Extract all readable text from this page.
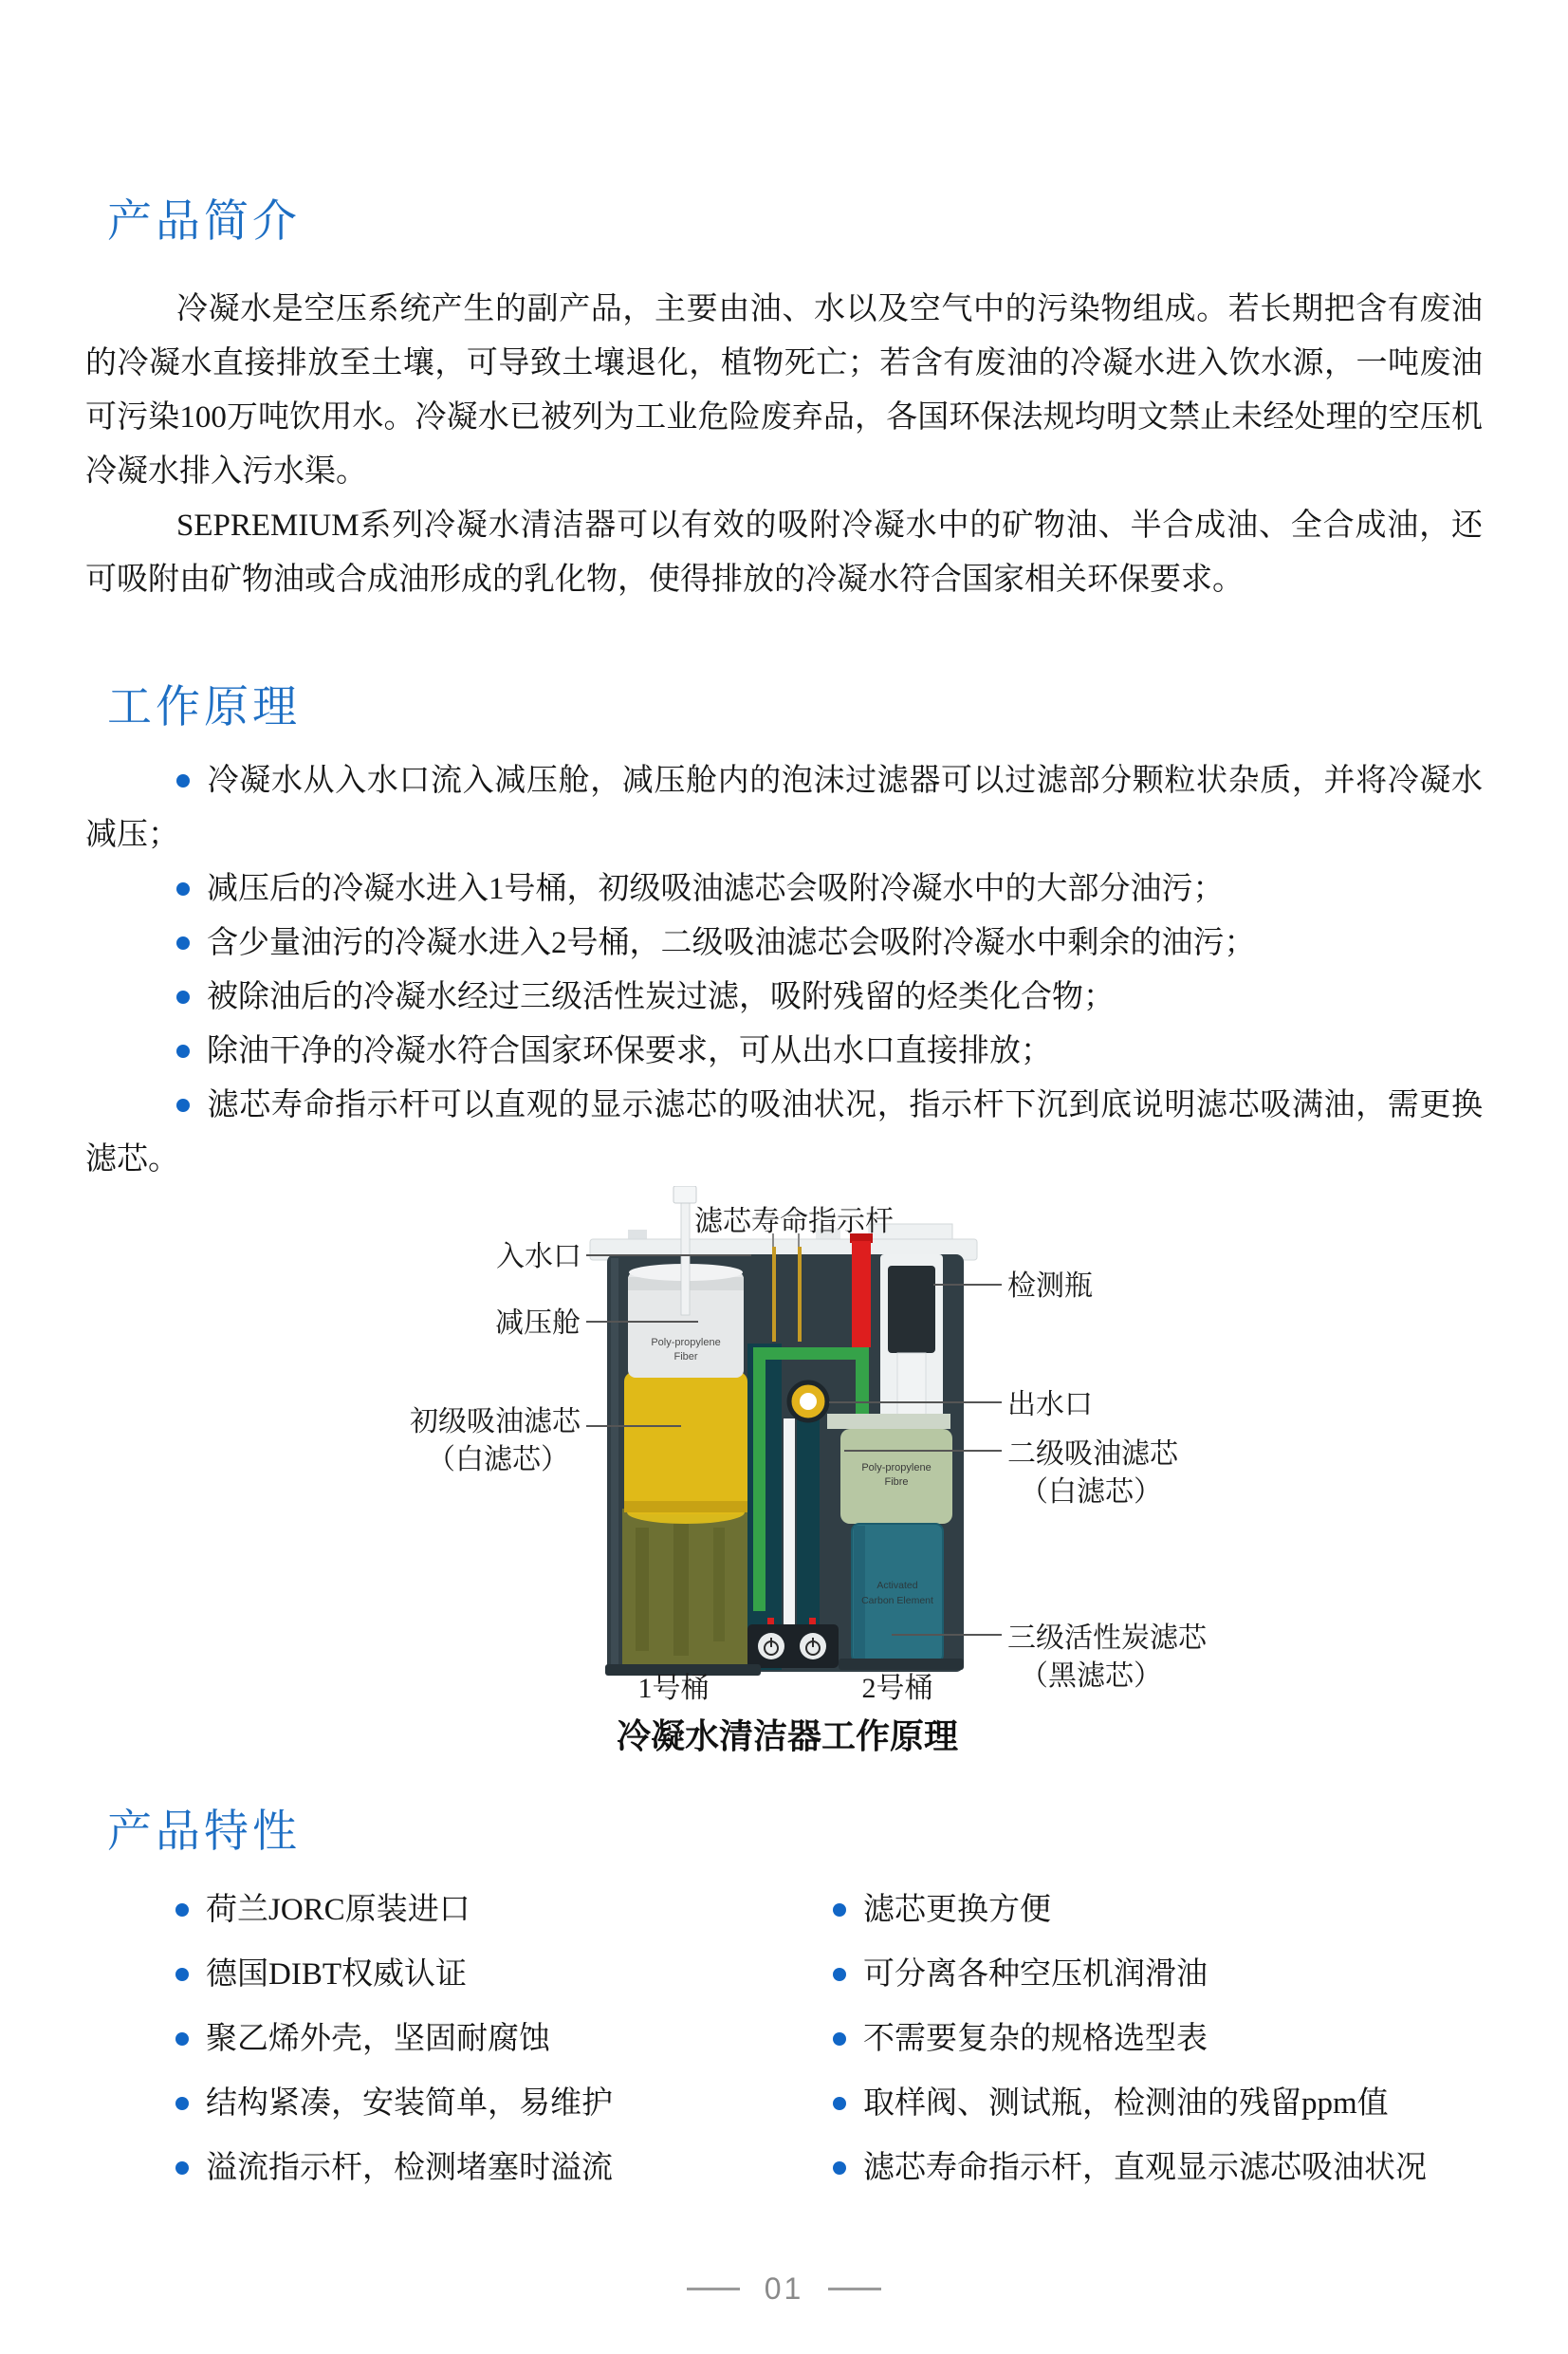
产品简介

冷凝水是空压系统产生的副产品，主要由油、水以及空气中的污染物组成。若长期把含有废油的冷凝水直接排放至土壤，可导致土壤退化，植物死亡；若含有废油的冷凝水进入饮水源，一吨废油可污染100万吨饮用水。冷凝水已被列为工业危险废弃品，各国环保法规均明文禁止未经处理的空压机冷凝水排入污水渠。

SEPREMIUM系列冷凝水清洁器可以有效的吸附冷凝水中的矿物油、半合成油、全合成油，还可吸附由矿物油或合成油形成的乳化物，使得排放的冷凝水符合国家相关环保要求。

工作原理

冷凝水从入水口流入减压舱，减压舱内的泡沫过滤器可以过滤部分颗粒状杂质，并将冷凝水减压；

减压后的冷凝水进入1号桶，初级吸油滤芯会吸附冷凝水中的大部分油污；

含少量油污的冷凝水进入2号桶，二级吸油滤芯会吸附冷凝水中剩余的油污；

被除油后的冷凝水经过三级活性炭过滤，吸附残留的烃类化合物；

除油干净的冷凝水符合国家环保要求，可从出水口直接排放；

滤芯寿命指示杆可以直观的显示滤芯的吸油状况，指示杆下沉到底说明滤芯吸满油，需更换滤芯。

Poly-propylene
Fiber
Poly-propylene
Fibre
Activated
Carbon Element
滤芯寿命指示杆
入水口
检测瓶
减压舱
初级吸油滤芯
（白滤芯）
出水口
二级吸油滤芯
（白滤芯）
三级活性炭滤芯
（黑滤芯）
1号桶	2号桶
冷凝水清洁器工作原理
产品特性
荷兰JORC原装进口	滤芯更换方便
德国DIBT权威认证	可分离各种空压机润滑油
聚乙烯外壳，坚固耐腐蚀	不需要复杂的规格选型表
结构紧凑，安装简单，易维护	取样阀、测试瓶，检测油的残留ppm值
溢流指示杆，检测堵塞时溢流	滤芯寿命指示杆，直观显示滤芯吸油状况
01
